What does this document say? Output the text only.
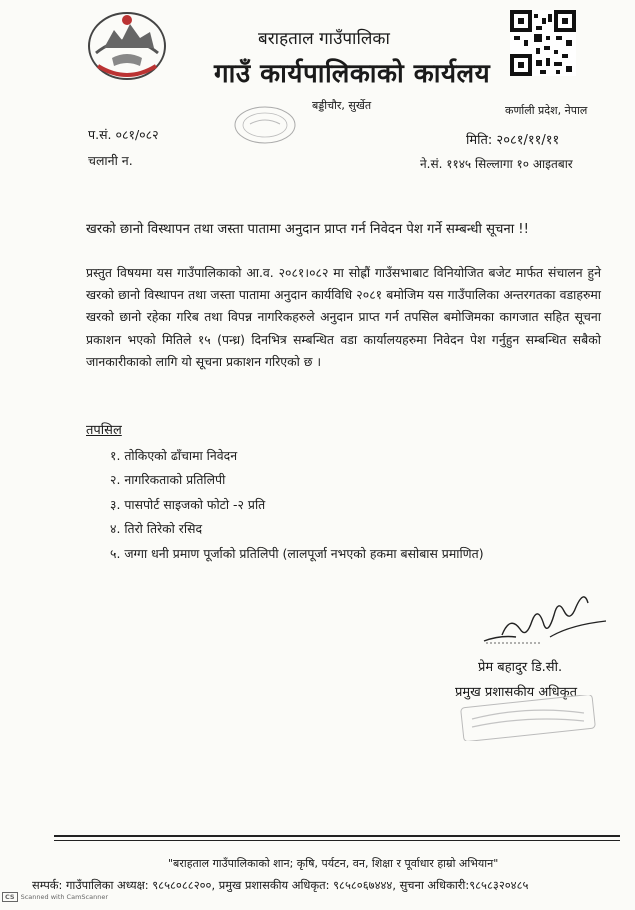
बराहताल गाउँपालिका
गाउँ कार्यपालिकाको कार्यलय
बड्डीचौर, सुर्खेत	कर्णाली प्रदेश, नेपाल
प.सं. ०८१/०८२
चलानी न.
मिति: २०८१/११/११
ने.सं. ११४५ सिल्लागा १० आइतबार
खरको छानो विस्थापन तथा जस्ता पातामा अनुदान प्राप्त गर्न निवेदन पेश गर्ने सम्बन्धी सूचना !!
प्रस्तुत विषयमा यस गाउँपालिकाको आ.व. २०८१।०८२ मा सोह्रौं गाउँसभाबाट विनियोजित बजेट मार्फत संचालन हुने खरको छानो विस्थापन तथा जस्ता पातामा अनुदान कार्यविधि २०८१ बमोजिम यस गाउँपालिका अन्तरगतका वडाहरुमा खरको छानो रहेका गरिब तथा विपन्न नागरिकहरुले अनुदान प्राप्त गर्न तपसिल बमोजिमका कागजात सहित सूचना प्रकाशन भएको मितिले १५ (पन्ध्र) दिनभित्र सम्बन्धित वडा कार्यालयहरुमा निवेदन पेश गर्नुहुन सम्बन्धित सबैको जानकारीकाको लागि यो सूचना प्रकाशन गरिएको छ ।
तपसिल
१. तोकिएको ढाँचामा निवेदन
२. नागरिकताको प्रतिलिपी
३. पासपोर्ट साइजको फोटो -२ प्रति
४. तिरो तिरेको रसिद
५. जग्गा धनी प्रमाण पूर्जाको प्रतिलिपी (लालपूर्जा नभएको हकमा बसोबास प्रमाणित)
प्रेम बहादुर डि.सी.
प्रमुख प्रशासकीय अधिकृत
"बराहताल गाउँपालिकाको शान; कृषि, पर्यटन, वन, शिक्षा र पूर्वाधार हाम्रो अभियान"
सम्पर्क: गाउँपालिका अध्यक्ष: ९८५८०८८२००, प्रमुख प्रशासकीय अधिकृत: ९८५८०६७४४४, सुचना अधिकारी:९८५८३२०४८५
CS Scanned with CamScanner
